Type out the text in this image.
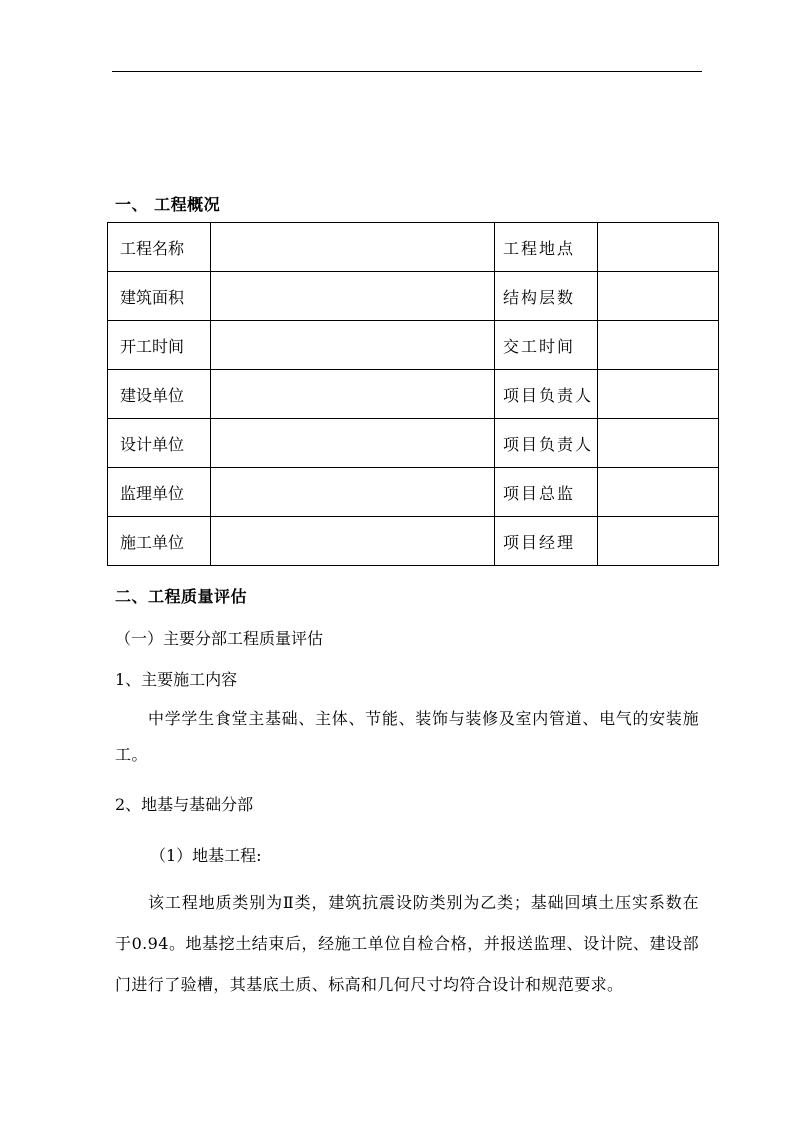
一、 工程概况
工程名称		工程地点	
建筑面积		结构层数	
开工时间		交工时间	
建设单位		项目负责人	
设计单位		项目负责人	
监理单位		项目总监	
施工单位		项目经理	
二、工程质量评估
（一）主要分部工程质量评估
1、主要施工内容
中学学生食堂主基础、主体、节能、装饰与装修及室内管道、电气的安装施工。
2、地基与基础分部
（1）地基工程:
该工程地质类别为Ⅱ类，建筑抗震设防类别为乙类；基础回填土压实系数在于0.94。地基挖土结束后，经施工单位自检合格，并报送监理、设计院、建设部门进行了验槽，其基底土质、标高和几何尺寸均符合设计和规范要求。
